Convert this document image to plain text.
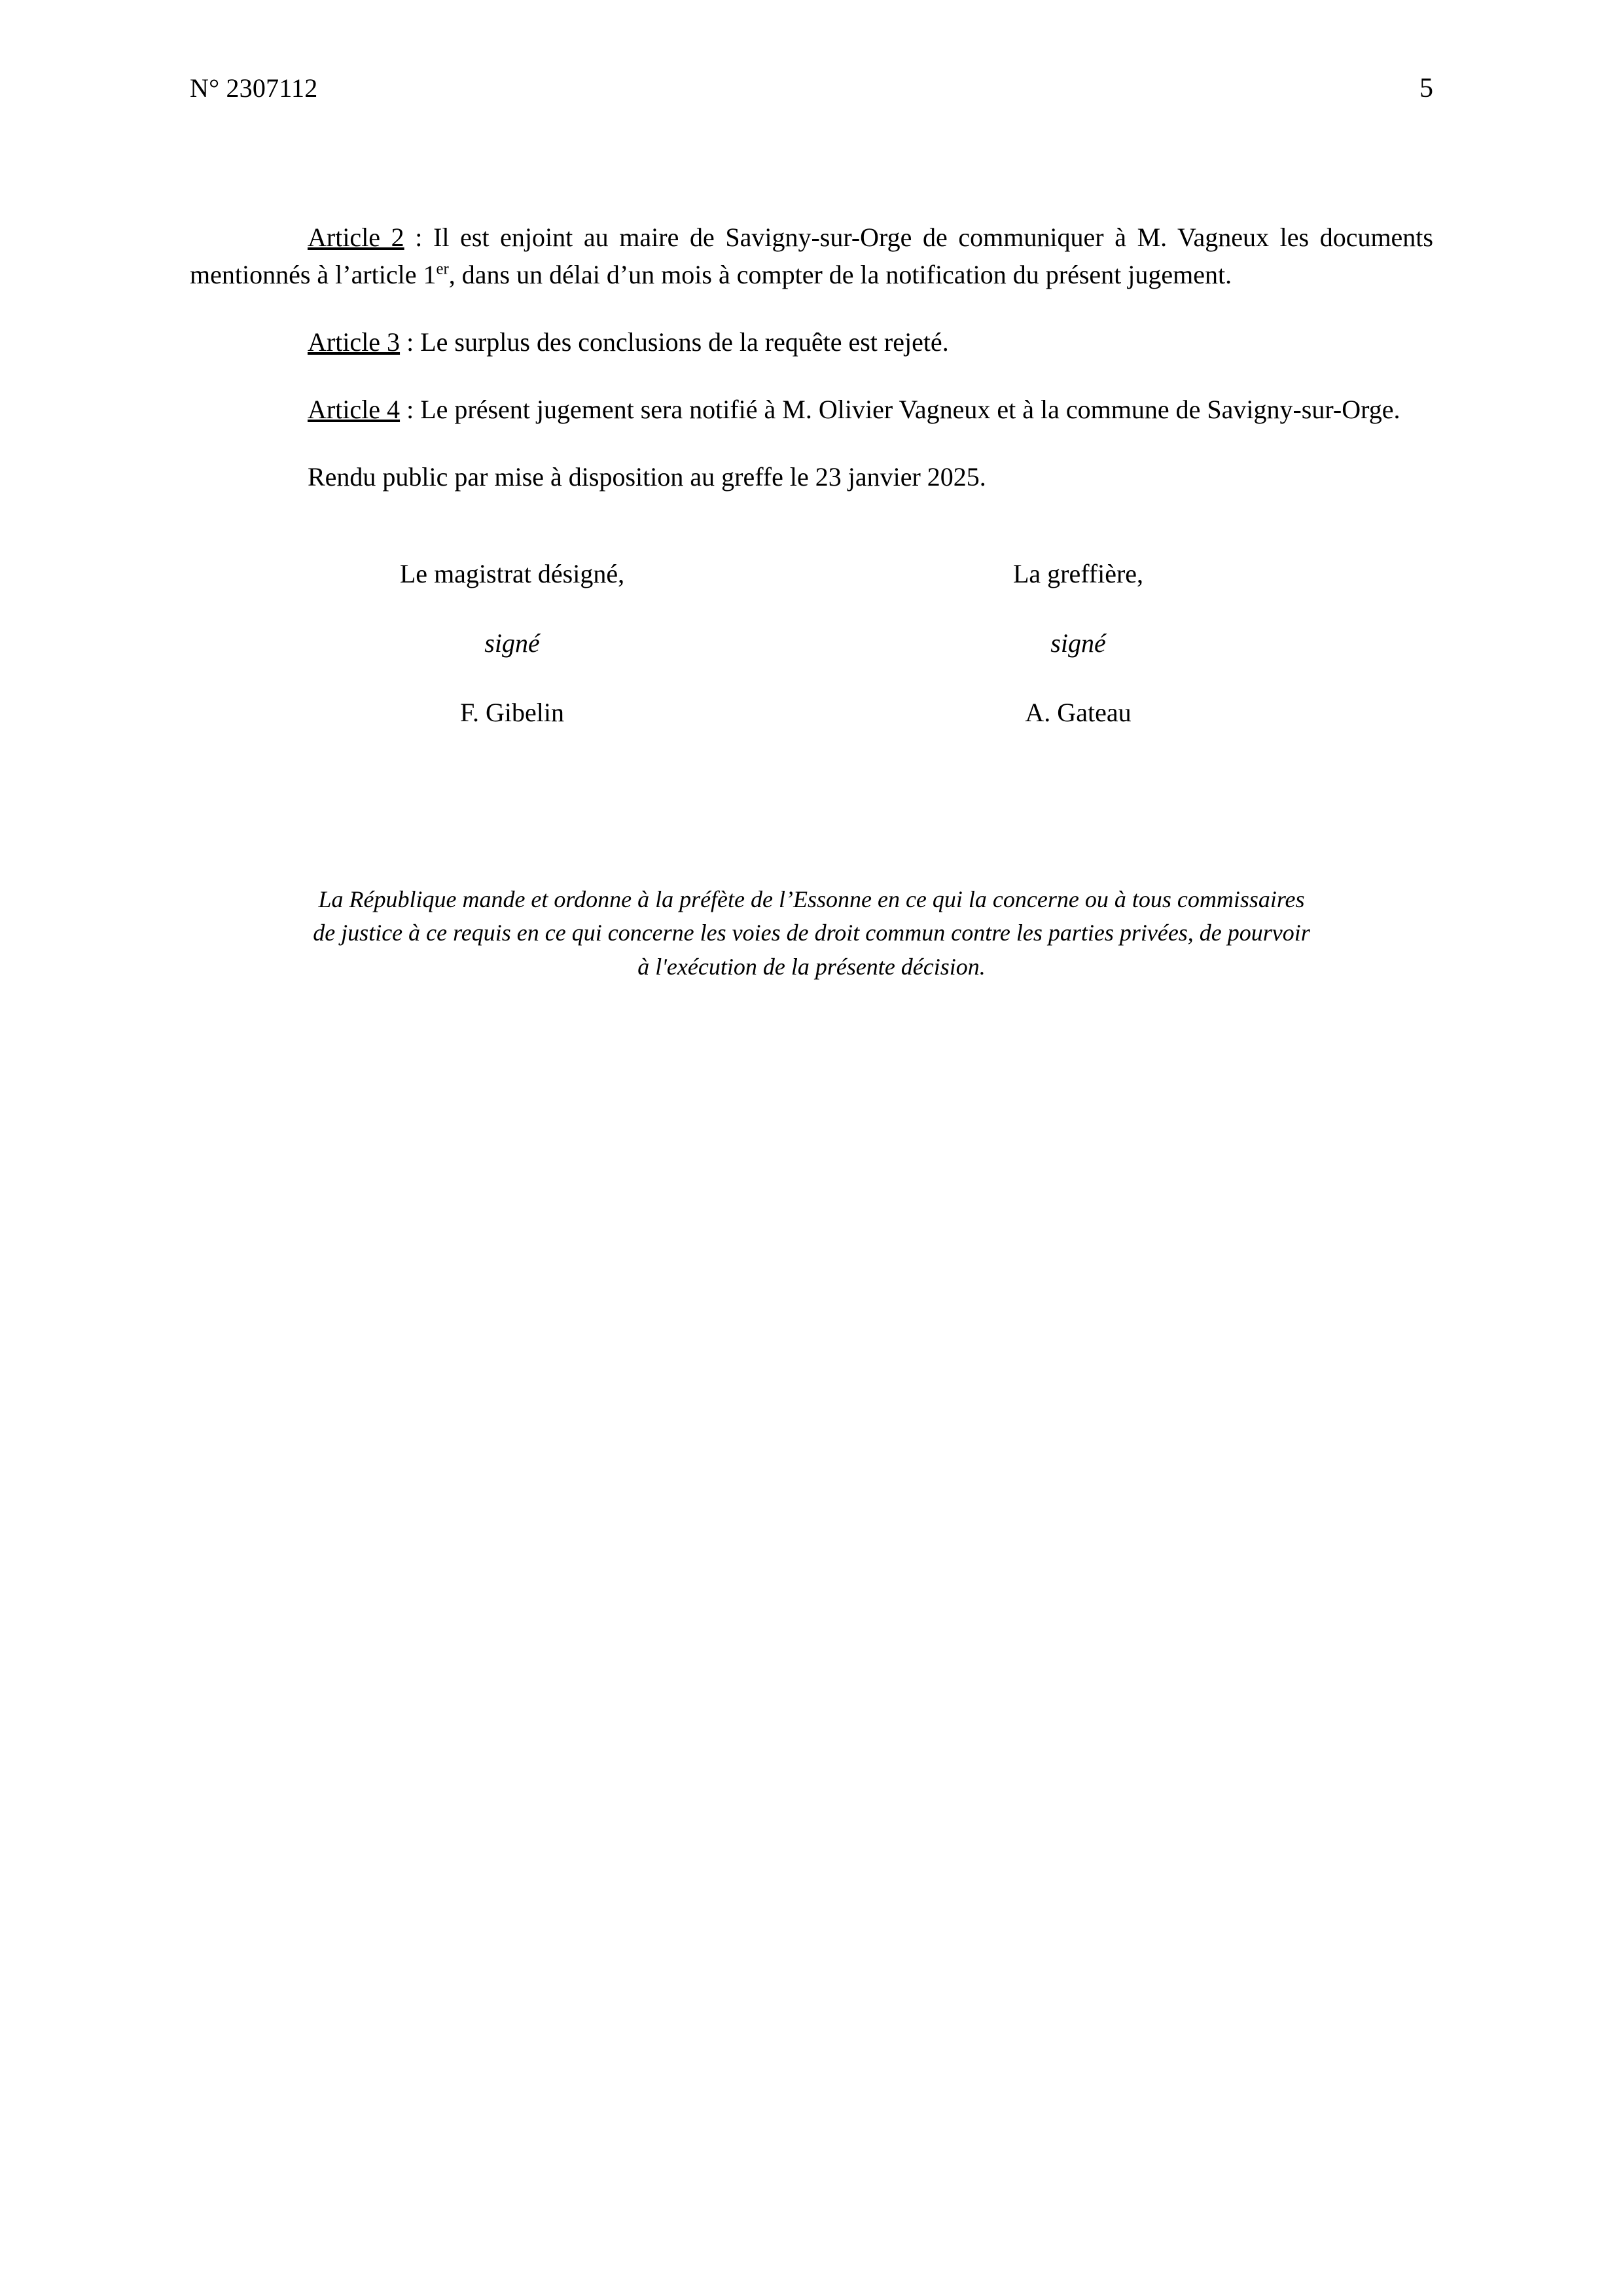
N° 2307112	5

Article 2 : Il est enjoint au maire de Savigny-sur-Orge de communiquer à M. Vagneux les documents mentionnés à l’article 1er, dans un délai d’un mois à compter de la notification du présent jugement.

Article 3 : Le surplus des conclusions de la requête est rejeté.

Article 4 : Le présent jugement sera notifié à M. Olivier Vagneux et à la commune de Savigny-sur-Orge.

Rendu public par mise à disposition au greffe le 23 janvier 2025.

Le magistrat désigné,	La greffière,
signé	signé
F. Gibelin	A. Gateau
La République mande et ordonne à la préfète de l’Essonne en ce qui la concerne ou à tous commissaires
de justice à ce requis en ce qui concerne les voies de droit commun contre les parties privées, de pourvoir
à l'exécution de la présente décision.
